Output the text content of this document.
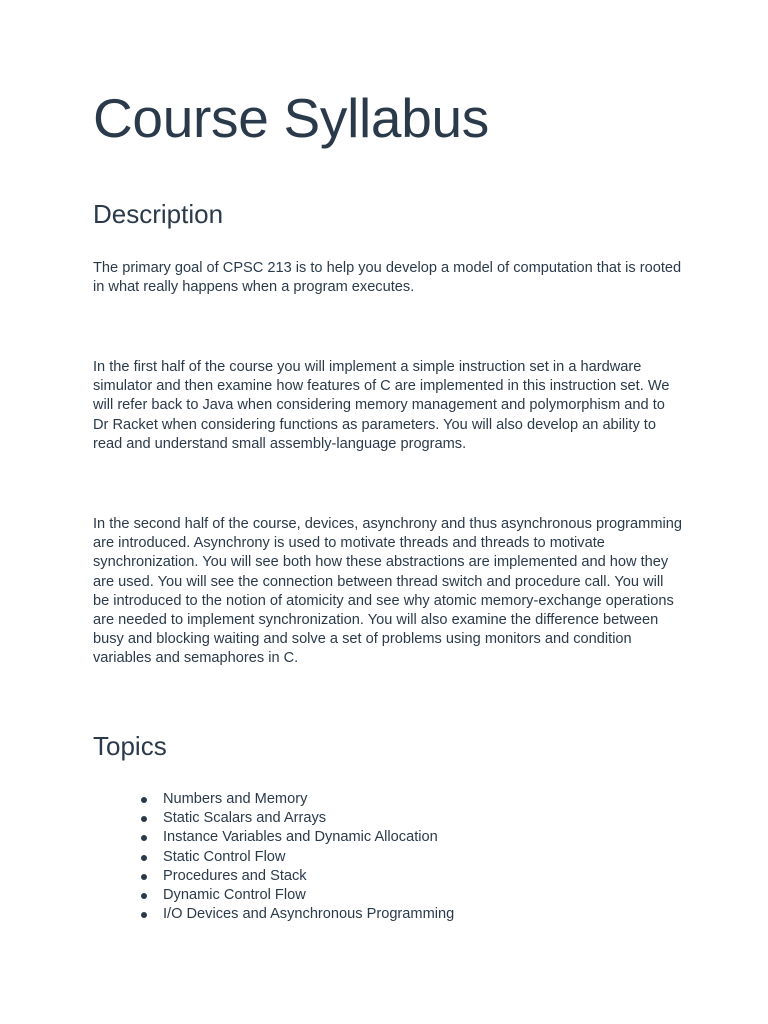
Course Syllabus
Description

The primary goal of CPSC 213 is to help you develop a model of computation that is rooted in what really happens when a program executes.

In the first half of the course you will implement a simple instruction set in a hardware simulator and then examine how features of C are implemented in this instruction set. We will refer back to Java when considering memory management and polymorphism and to Dr Racket when considering functions as parameters. You will also develop an ability to read and understand small assembly-language programs.

In the second half of the course, devices, asynchrony and thus asynchronous programming are introduced. Asynchrony is used to motivate threads and threads to motivate synchronization. You will see both how these abstractions are implemented and how they are used. You will see the connection between thread switch and procedure call. You will be introduced to the notion of atomicity and see why atomic memory-exchange operations are needed to implement synchronization. You will also examine the difference between busy and blocking waiting and solve a set of problems using monitors and condition variables and semaphores in C.

Topics
Numbers and Memory
Static Scalars and Arrays
Instance Variables and Dynamic Allocation
Static Control Flow
Procedures and Stack
Dynamic Control Flow
I/O Devices and Asynchronous Programming
